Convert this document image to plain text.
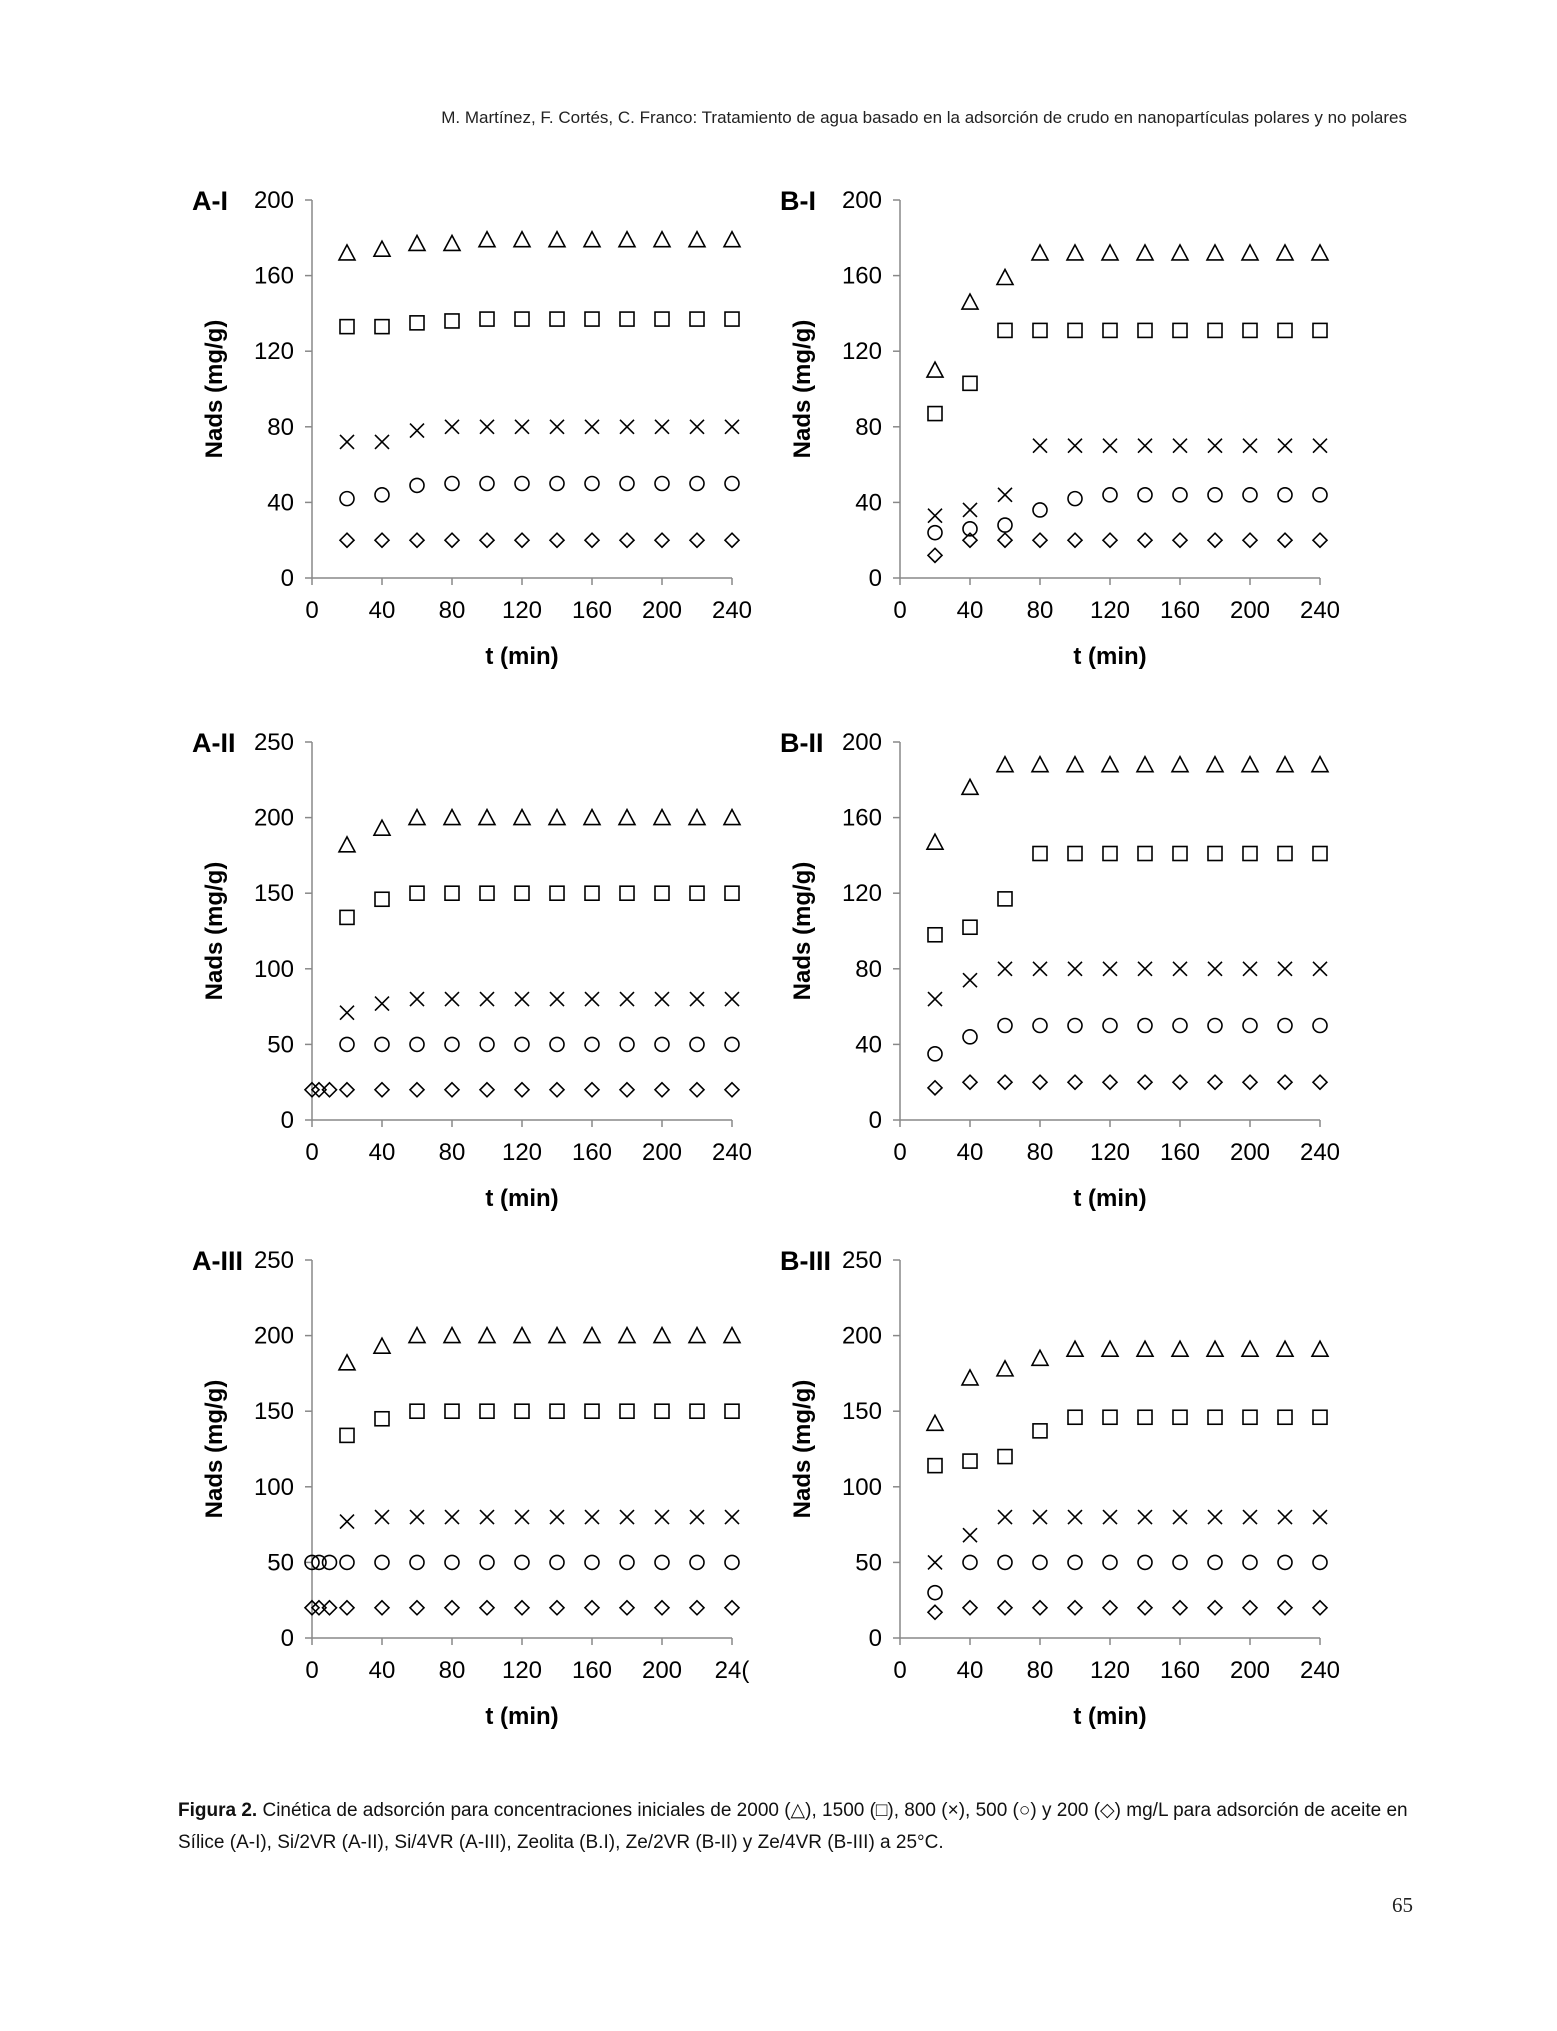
M. Martínez, F. Cortés, C. Franco: Tratamiento de agua basado en la adsorción de crudo en nanopartículas polares y no polares
0
40
80
120
160
200
0 40 80 120 160 200 240
A-I
t (min)
Nads (mg/g)
0
40
80
120
160
200
0 40 80 120 160 200 240
B-I
t (min)
Nads (mg/g)
0
50
100
150
200
250
0 40 80 120 160 200 240
A-II
t (min)
Nads (mg/g)
0
40
80
120
160
200
0 40 80 120 160 200 240
B-II
t (min)
Nads (mg/g)
0
50
100
150
200
250
0 40 80 120 160 200 24(
A-III
t (min)
Nads (mg/g)
0
50
100
150
200
250
0 40 80 120 160 200 240
B-III
t (min)
Nads (mg/g)
Figura 2. Cinética de adsorción para concentraciones iniciales de 2000 (△), 1500 (□), 800 (×), 500 (○) y 200 (◇) mg/L para adsorción de aceite en Sílice (A-I), Si/2VR (A-II), Si/4VR (A-III), Zeolita (B.I), Ze/2VR (B-II) y Ze/4VR (B-III) a 25°C.
65
